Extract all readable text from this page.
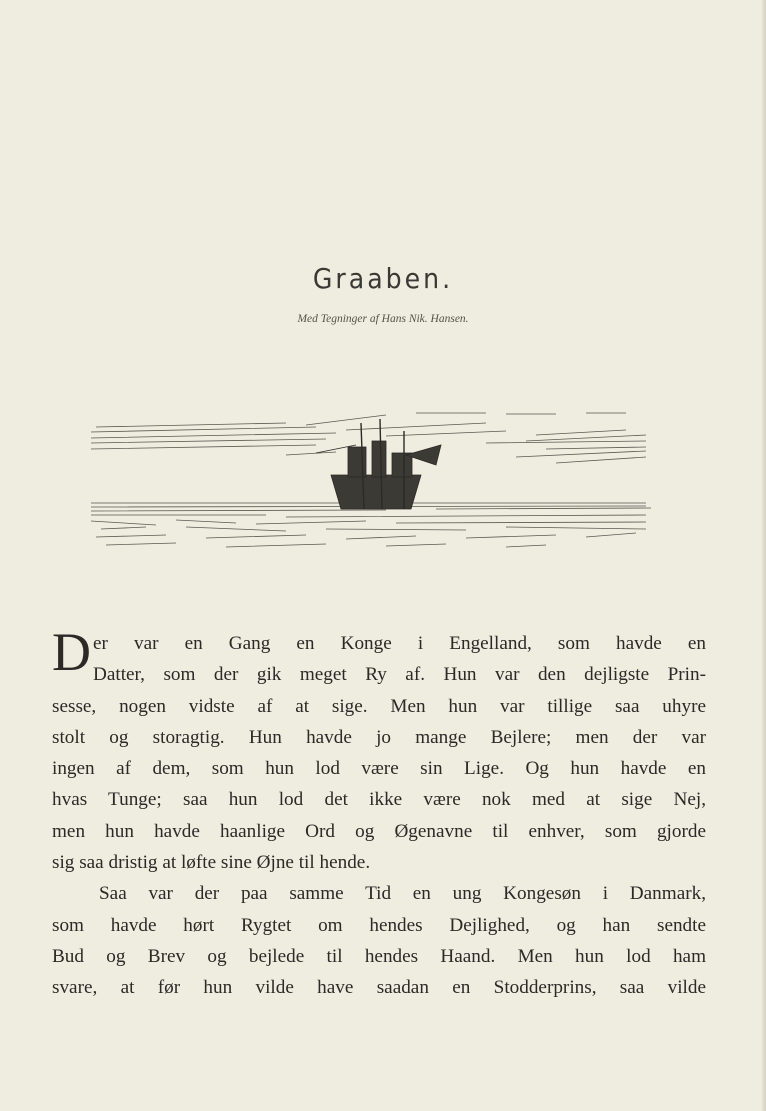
Graaben.
Med Tegninger af Hans Nik. Hansen.

D er var en Gang en Konge i Engelland, som havde en
Datter, som der gik meget Ry af. Hun var den dejligste Prin-
sesse, nogen vidste af at sige. Men hun var tillige saa uhyre
stolt og storagtig. Hun havde jo mange Bejlere; men der var
ingen af dem, som hun lod være sin Lige. Og hun havde en
hvas Tunge; saa hun lod det ikke være nok med at sige Nej,
men hun havde haanlige Ord og Øgenavne til enhver, som gjorde
sig saa dristig at løfte sine Øjne til hende.

Saa var der paa samme Tid en ung Kongesøn i Danmark,
som havde hørt Rygtet om hendes Dejlighed, og han sendte
Bud og Brev og bejlede til hendes Haand. Men hun lod ham
svare, at før hun vilde have saadan en Stodderprins, saa vilde
